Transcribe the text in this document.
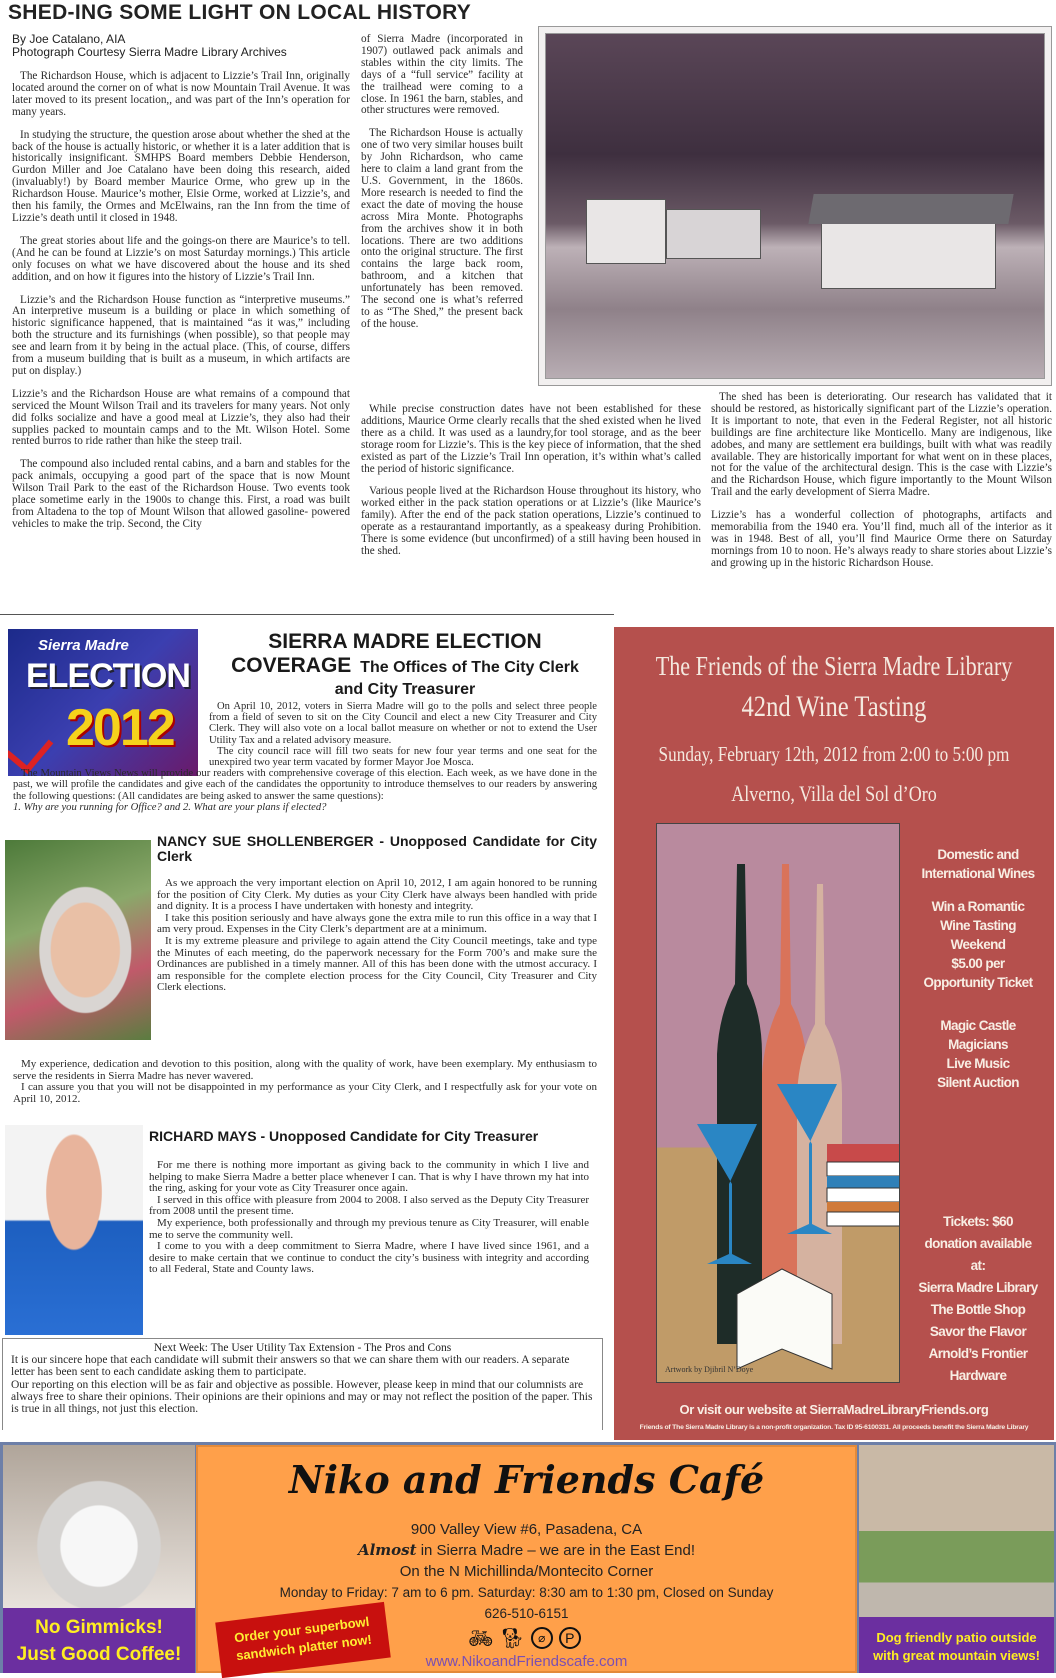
SHED-ING SOME LIGHT ON LOCAL HISTORY
By Joe Catalano, AIA
Photograph Courtesy Sierra Madre Library Archives

The Richardson House, which is adjacent to Lizzie’s Trail Inn, originally located around the corner on of what is now Mountain Trail Avenue. It was later moved to its present location,, and was part of the Inn’s operation for many years.

In studying the structure, the question arose about whether the shed at the back of the house is actually historic, or whether it is a later addition that is historically insignificant. SMHPS Board members Debbie Henderson, Gurdon Miller and Joe Catalano have been doing this research, aided (invaluably!) by Board member Maurice Orme, who grew up in the Richardson House. Maurice’s mother, Elsie Orme, worked at Lizzie’s, and then his family, the Ormes and McElwains, ran the Inn from the time of Lizzie’s death until it closed in 1948.

The great stories about life and the goings-on there are Maurice’s to tell. (And he can be found at Lizzie’s on most Saturday mornings.) This article only focuses on what we have discovered about the house and its shed addition, and on how it figures into the history of Lizzie’s Trail Inn.

Lizzie’s and the Richardson House function as “interpretive museums.” An interpretive museum is a building or place in which something of historic significance happened, that is maintained “as it was,” including both the structure and its furnishings (when possible), so that people may see and learn from it by being in the actual place. (This, of course, differs from a museum building that is built as a museum, in which artifacts are put on display.)

Lizzie’s and the Richardson House are what remains of a compound that serviced the Mount Wilson Trail and its travelers for many years. Not only did folks socialize and have a good meal at Lizzie’s, they also had their supplies packed to mountain camps and to the Mt. Wilson Hotel. Some rented burros to ride rather than hike the steep trail.

The compound also included rental cabins, and a barn and stables for the pack animals, occupying a good part of the space that is now Mount Wilson Trail Park to the east of the Richardson House. Two events took place sometime early in the 1900s to change this. First, a road was built from Altadena to the top of Mount Wilson that allowed gasoline- powered vehicles to make the trip. Second, the City

of Sierra Madre (incorporated in 1907) outlawed pack animals and stables within the city limits. The days of a “full service” facility at the trailhead were coming to a close. In 1961 the barn, stables, and other structures were removed.

The Richardson House is actually one of two very similar houses built by John Richardson, who came here to claim a land grant from the U.S. Government, in the 1860s. More research is needed to find the exact the date of moving the house across Mira Monte. Photographs from the archives show it in both locations. There are two additions onto the original structure. The first contains the large back room, bathroom, and a kitchen that unfortunately has been removed. The second one is what’s referred to as “The Shed,” the present back of the house.

While precise construction dates have not been established for these additions, Maurice Orme clearly recalls that the shed existed when he lived there as a child. It was used as a laundry,for tool storage, and as the beer storage room for Lizzie’s. This is the key piece of information, that the shed existed as part of the Lizzie’s Trail Inn operation, it’s within what’s called the period of historic significance.

Various people lived at the Richardson House throughout its history, who worked either in the pack station operations or at Lizzie’s (like Maurice’s family). After the end of the pack station operations, Lizzie’s continued to operate as a restaurantand importantly, as a speakeasy during Prohibition. There is some evidence (but unconfirmed) of a still having been housed in the shed.

The shed has been is deteriorating. Our research has validated that it should be restored, as historically significant part of the Lizzie’s operation. It is important to note, that even in the Federal Register, not all historic buildings are fine architecture like Monticello. Many are indigenous, like adobes, and many are settlement era buildings, built with what was readily available. They are historically important for what went on in these places, not for the value of the architectural design. This is the case with Lizzie’s and the Richardson House, which figure importantly to the Mount Wilson Trail and the early development of Sierra Madre.

Lizzie’s has a wonderful collection of photographs, artifacts and memorabilia from the 1940 era. You’ll find, much all of the interior as it was in 1948. Best of all, you’ll find Maurice Orme there on Saturday mornings from 10 to noon. He’s always ready to share stories about Lizzie’s and growing up in the historic Richardson House.

Sierra Madre
ELECTION
2012
SIERRA MADRE ELECTION
COVERAGE The Offices of The City Clerk
and City Treasurer

On April 10, 2012, voters in Sierra Madre will go to the polls and select three people from a field of seven to sit on the City Council and elect a new City Treasurer and City Clerk. They will also vote on a local ballot measure on whether or not to extend the User Utility Tax and a related advisory measure.

The city council race will fill two seats for new four year terms and one seat for the unexpired two year term vacated by former Mayor Joe Mosca.

The Mountain Views News will provide our readers with comprehensive coverage of this election. Each week, as we have done in the past, we will profile the candidates and give each of the candidates the opportunity to introduce themselves to our readers by answering the following questions: (All candidates are being asked to answer the same questions):

1. Why are you running for Office? and 2. What are your plans if elected?
NANCY SUE SHOLLENBERGER - Unopposed Candidate for City Clerk

As we approach the very important election on April 10, 2012, I am again honored to be running for the position of City Clerk. My duties as your City Clerk have always been handled with pride and dignity. It is a process I have undertaken with honesty and integrity.

I take this position seriously and have always gone the extra mile to run this office in a way that I am very proud. Expenses in the City Clerk’s department are at a minimum.

It is my extreme pleasure and privilege to again attend the City Council meetings, take and type the Minutes of each meeting, do the paperwork necessary for the Form 700’s and make sure the Ordinances are published in a timely manner. All of this has been done with the utmost accuracy. I am responsible for the complete election process for the City Council, City Treasurer and City Clerk elections.

My experience, dedication and devotion to this position, along with the quality of work, have been exemplary. My enthusiasm to serve the residents in Sierra Madre has never wavered.

I can assure you that you will not be disappointed in my performance as your City Clerk, and I respectfully ask for your vote on April 10, 2012.

RICHARD MAYS - Unopposed Candidate for City Treasurer

For me there is nothing more important as giving back to the community in which I live and helping to make Sierra Madre a better place whenever I can. That is why I have thrown my hat into the ring, asking for your vote as City Treasurer once again.

I served in this office with pleasure from 2004 to 2008. I also served as the Deputy City Treasurer from 2008 until the present time.

My experience, both professionally and through my previous tenure as City Treasurer, will enable me to serve the community well.

I come to you with a deep commitment to Sierra Madre, where I have lived since 1961, and a desire to make certain that we continue to conduct the city’s business with integrity and according to all Federal, State and County laws.

Next Week: The User Utility Tax Extension - The Pros and Cons

It is our sincere hope that each candidate will submit their answers so that we can share them with our readers. A separate letter has been sent to each candidate asking them to participate.

Our reporting on this election will be as fair and objective as possible. However, please keep in mind that our columnists are always free to share their opinions. Their opinions are their opinions and may or may not reflect the position of the paper. This is true in all things, not just this election.

The Friends of the Sierra Madre Library
42nd Wine Tasting
Sunday, February 12th, 2012 from 2:00 to 5:00 pm
Alverno, Villa del Sol d’Oro
Artwork by Djibril N’Doye
Domestic and
International Wines
Win a Romantic
Wine Tasting
Weekend
$5.00 per
Opportunity Ticket
Magic Castle
Magicians
Live Music
Silent Auction
Tickets: $60
donation available
at:
Sierra Madre Library
The Bottle Shop
Savor the Flavor
Arnold’s Frontier
Hardware
Or visit our website at SierraMadreLibraryFriends.org
Friends of The Sierra Madre Library is a non-profit organization. Tax ID 95-6100331. All proceeds benefit the Sierra Madre Library
No Gimmicks!
Just Good Coffee!
Niko and Friends Café
900 Valley View #6, Pasadena, CA
Almost in Sierra Madre – we are in the East End!
On the N Michillinda/Montecito Corner
Monday to Friday: 7 am to 6 pm. Saturday: 8:30 am to 1:30 pm, Closed on Sunday
626-510-6151
🚲︎ 🐕︎	⌀	P
Order your superbowl sandwich platter now!	www.NikoandFriendscafe.com
Dog friendly patio outside with great mountain views!
